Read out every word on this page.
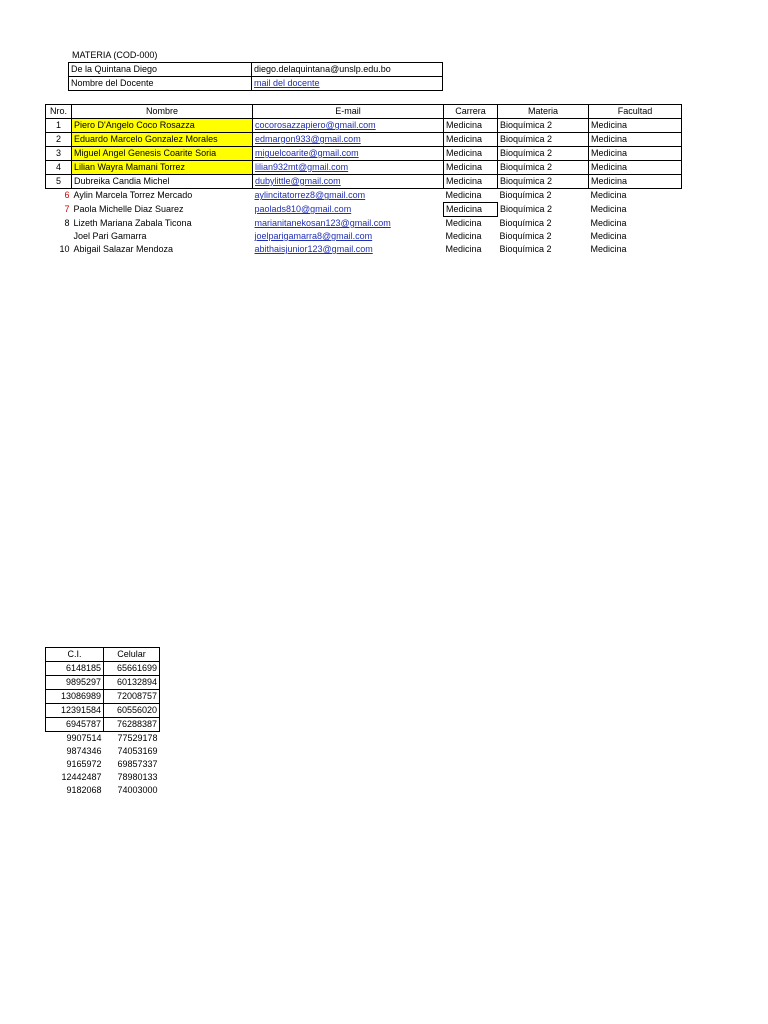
MATERIA (COD-000)
De la Quintana Diego	diego.delaquintana@unslp.edu.bo
Nombre del Docente	mail del docente
Nro.	Nombre	E-mail	Carrera	Materia	Facultad
1	Piero D'Angelo Coco Rosazza	cocorosazzapiero@gmail.com	Medicina	Bioquímica 2	Medicina
2	Eduardo Marcelo Gonzalez Morales	edmargon933@gmail.com	Medicina	Bioquímica 2	Medicina
3	Miguel Angel Genesis Coarite Soria	miguelcoarite@gmail.com	Medicina	Bioquímica 2	Medicina
4	Lilian Wayra Mamani Torrez	lilian932mt@gmail.com	Medicina	Bioquímica 2	Medicina
5	Dubreika Candia Michel	dubylittle@gmail.com	Medicina	Bioquímica 2	Medicina
6	Aylin Marcela Torrez Mercado	aylincitatorrez8@gmail.com	Medicina	Bioquímica 2	Medicina
7	Paola Michelle Diaz Suarez	paolads810@gmail.com	Medicina	Bioquímica 2	Medicina
8	Lizeth Mariana Zabala Ticona	marianitanekosan123@gmail.com	Medicina	Bioquímica 2	Medicina
	Joel Pari Gamarra	joelparigamarra8@gmail.com	Medicina	Bioquímica 2	Medicina
10	Abigail Salazar Mendoza	abithaisjunior123@gmail.com	Medicina	Bioquímica 2	Medicina
C.I.	Celular
6148185	65661699
9895297	60132894
13086989	72008757
12391584	60556020
6945787	76288387
9907514	77529178
9874346	74053169
9165972	69857337
12442487	78980133
9182068	74003000
